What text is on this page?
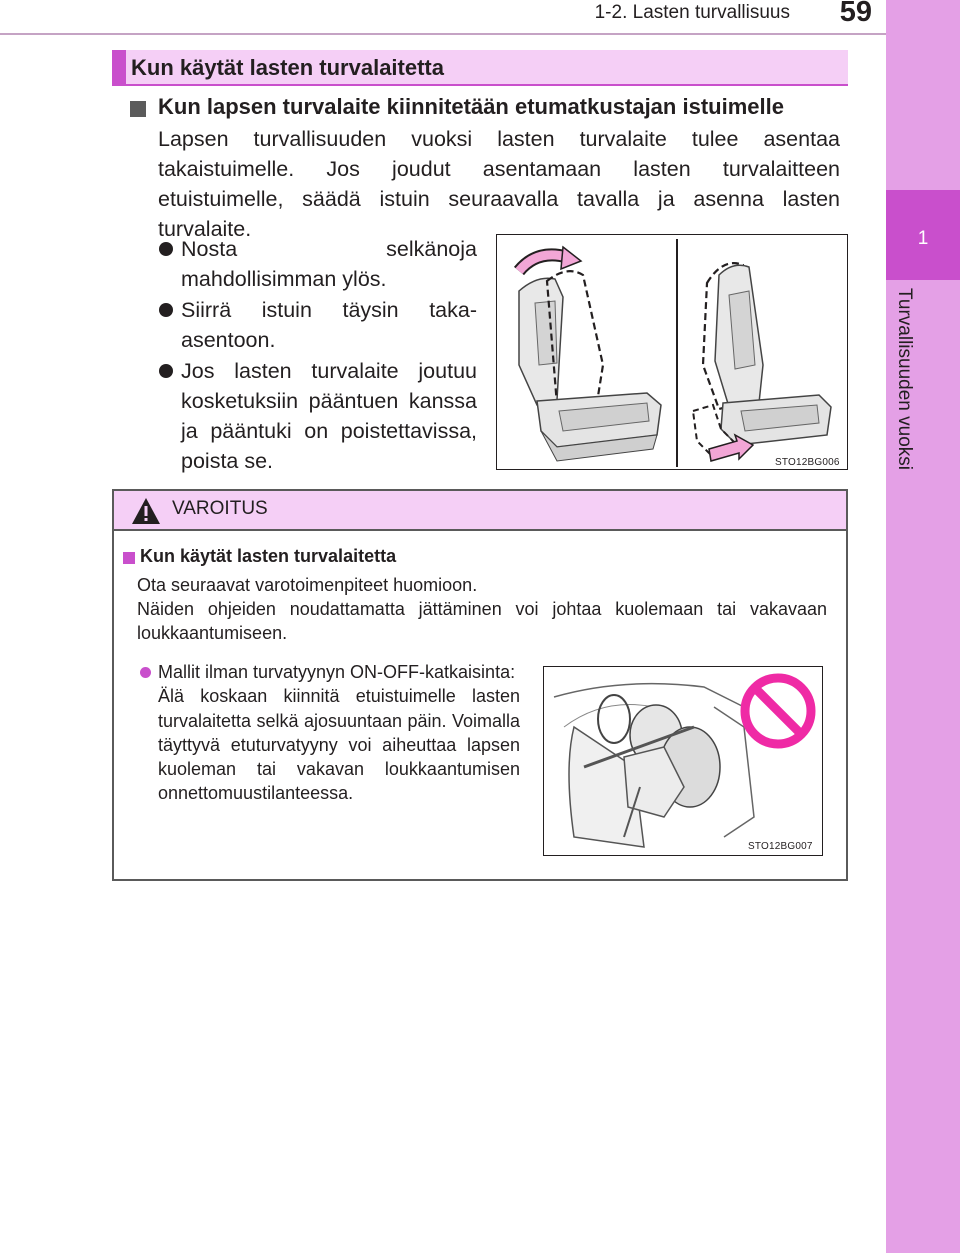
1-2. Lasten turvallisuus	59
1
Turvallisuuden vuoksi
Kun käytät lasten turvalaitetta
Kun lapsen turvalaite kiinnitetään etumatkustajan istuimelle
Lapsen turvallisuuden vuoksi lasten turvalaite tulee asentaa takaistuimelle. Jos joudut asentamaan lasten turvalaitteen etuistuimelle, säädä istuin seuraavalla tavalla ja asenna lasten turvalaite.
Nosta selkänoja mahdollisimman ylös.
Siirrä istuin täysin taka-asentoon.
Jos lasten turvalaite joutuu kosketuksiin pääntuen kanssa ja pääntuki on poistettavissa, poista se.	STO12BG006
VAROITUS
Kun käytät lasten turvalaitetta
Ota seuraavat varotoimenpiteet huomioon.
Näiden ohjeiden noudattamatta jättäminen voi johtaa kuolemaan tai vakavaan loukkaantumiseen.
Mallit ilman turvatyynyn ON-OFF-katkaisinta:
Älä koskaan kiinnitä etuistuimelle lasten turvalaitetta selkä ajosuuntaan päin. Voimalla täyttyvä etuturvatyyny voi aiheuttaa lapsen kuoleman tai vakavan loukkaantumisen onnettomuustilanteessa.
STO12BG007
